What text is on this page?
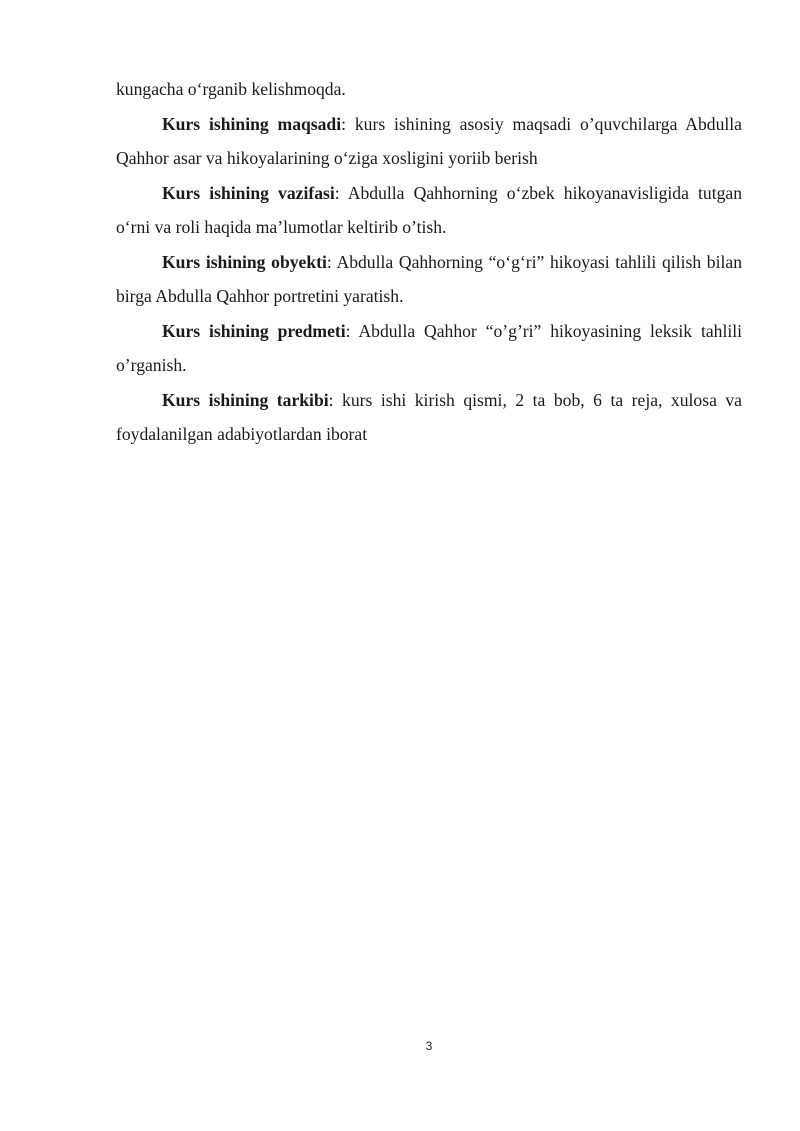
kungacha o‘rganib kelishmoqda.

Kurs ishining maqsadi: kurs ishining asosiy maqsadi o’quvchilarga Abdulla Qahhor asar va hikoyalarining o‘ziga xosligini yoriib berish

Kurs ishining vazifasi: Abdulla Qahhorning o‘zbek hikoyanavisligida tutgan o‘rni va roli haqida ma’lumotlar keltirib o’tish.

Kurs ishining obyekti: Abdulla Qahhorning “o‘g‘ri” hikoyasi tahlili qilish bilan birga Abdulla Qahhor portretini yaratish.

Kurs ishining predmeti: Abdulla Qahhor “o’g’ri” hikoyasining leksik tahlili o’rganish.

Kurs ishining tarkibi: kurs ishi kirish qismi, 2 ta bob, 6 ta reja, xulosa va foydalanilgan adabiyotlardan iborat

3
